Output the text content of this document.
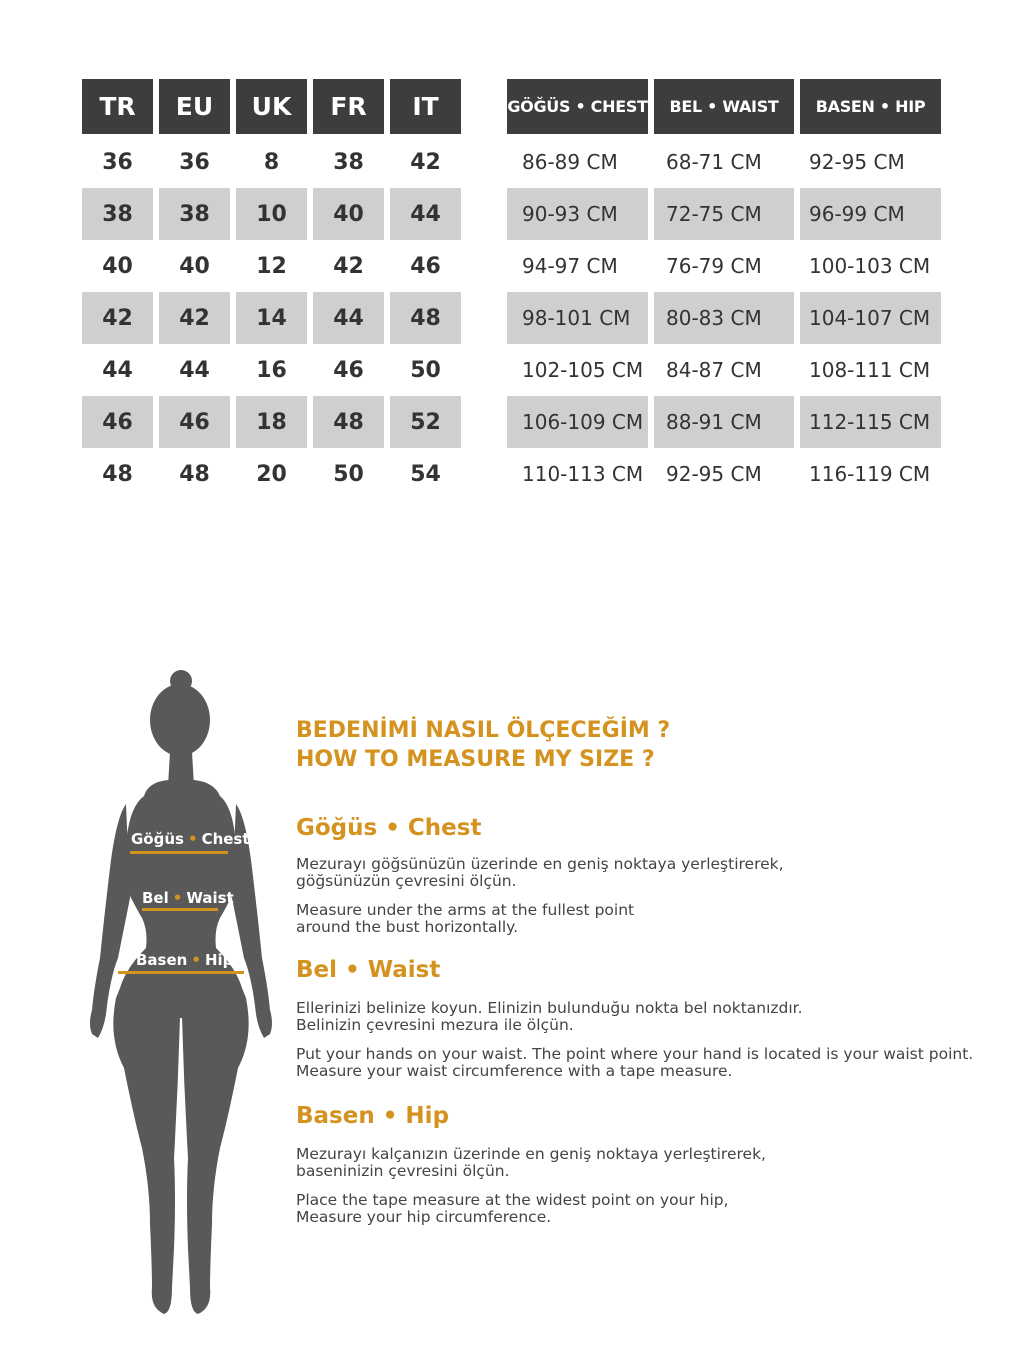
TR	EU	UK	FR	IT
36	36	8	38	42
38	38	10	40	44
40	40	12	42	46
42	42	14	44	48
44	44	16	46	50
46	46	18	48	52
48	48	20	50	54
GÖĞÜS • CHEST	BEL • WAIST	BASEN • HIP
86-89 CM	68-71 CM	92-95 CM
90-93 CM	72-75 CM	96-99 CM
94-97 CM	76-79 CM	100-103 CM
98-101 CM	80-83 CM	104-107 CM
102-105 CM	84-87 CM	108-111 CM
106-109 CM	88-91 CM	112-115 CM
110-113 CM	92-95 CM	116-119 CM
Göğüs • Chest
Bel • Waist
Basen • Hip
BEDENİMİ NASIL ÖLÇECEĞİM ?
HOW TO MEASURE MY SIZE ?
Göğüs • Chest
Mezurayı göğsünüzün üzerinde en geniş noktaya yerleştirerek,
göğsünüzün çevresini ölçün.
Measure under the arms at the fullest point
around the bust horizontally.
Bel • Waist
Ellerinizi belinize koyun. Elinizin bulunduğu nokta bel noktanızdır.
Belinizin çevresini mezura ile ölçün.
Put your hands on your waist. The point where your hand is located is your waist point.
Measure your waist circumference with a tape measure.
Basen • Hip
Mezurayı kalçanızın üzerinde en geniş noktaya yerleştirerek,
baseninizin çevresini ölçün.
Place the tape measure at the widest point on your hip,
Measure your hip circumference.
